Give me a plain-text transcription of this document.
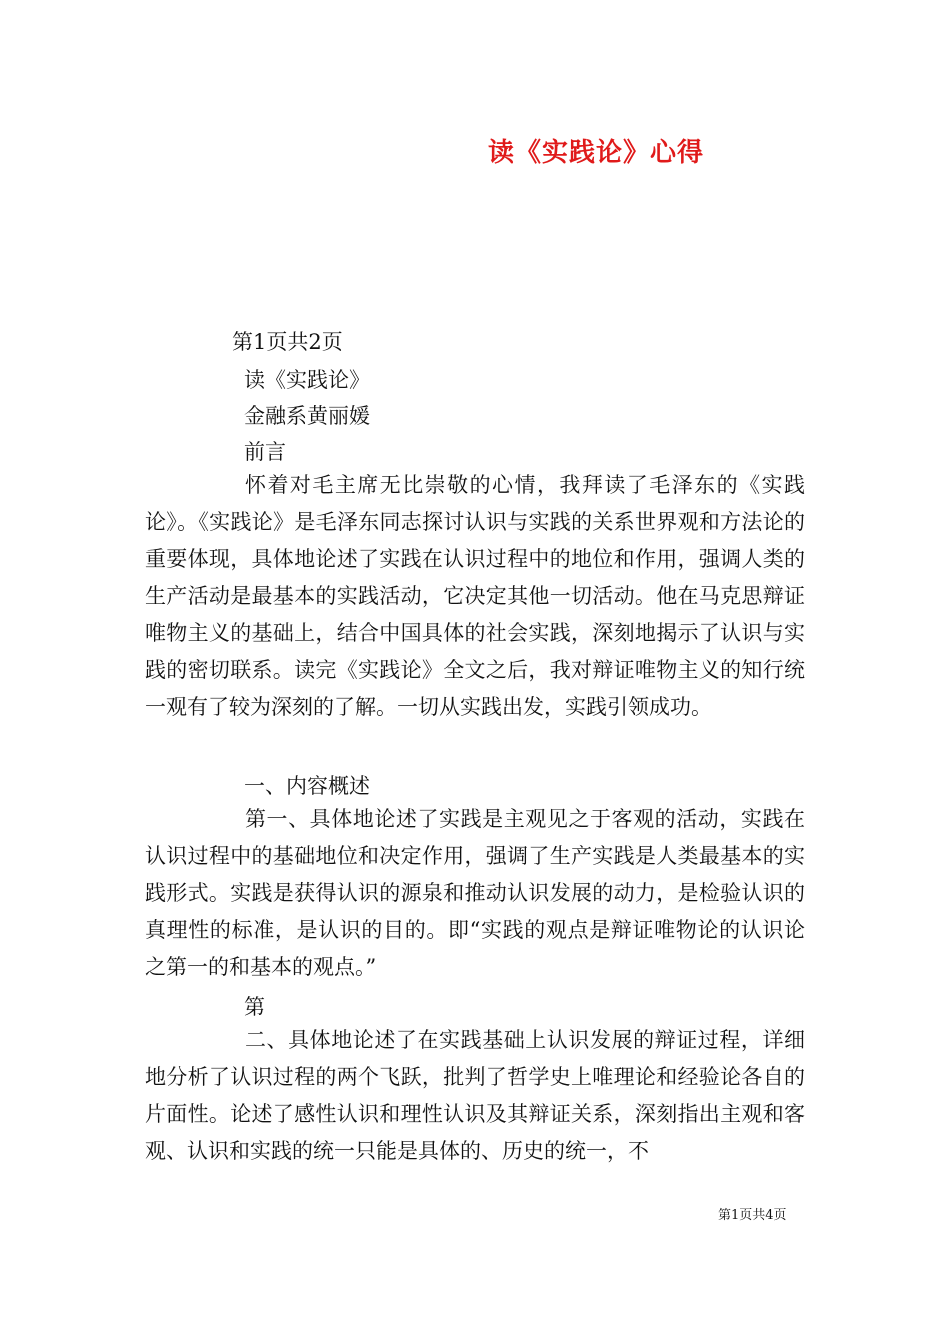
读《实践论》心得
第1页共2页
读《实践论》
金融系黄丽媛
前言

怀着对毛主席无比崇敬的心情，我拜读了毛泽东的《实践论》。《实践论》是毛泽东同志探讨认识与实践的关系世界观和方法论的重要体现，具体地论述了实践在认识过程中的地位和作用，强调人类的生产活动是最基本的实践活动，它决定其他一切活动。他在马克思辩证唯物主义的基础上，结合中国具体的社会实践，深刻地揭示了认识与实践的密切联系。读完《实践论》全文之后，我对辩证唯物主义的知行统一观有了较为深刻的了解。一切从实践出发，实践引领成功。

一、内容概述

第一、具体地论述了实践是主观见之于客观的活动，实践在认识过程中的基础地位和决定作用，强调了生产实践是人类最基本的实践形式。实践是获得认识的源泉和推动认识发展的动力，是检验认识的真理性的标准，是认识的目的。即“实践的观点是辩证唯物论的认识论之第一的和基本的观点。”

第

二、具体地论述了在实践基础上认识发展的辩证过程，详细地分析了认识过程的两个飞跃，批判了哲学史上唯理论和经验论各自的片面性。论述了感性认识和理性认识及其辩证关系，深刻指出主观和客观、认识和实践的统一只能是具体的、历史的统一，不

第1页共4页
